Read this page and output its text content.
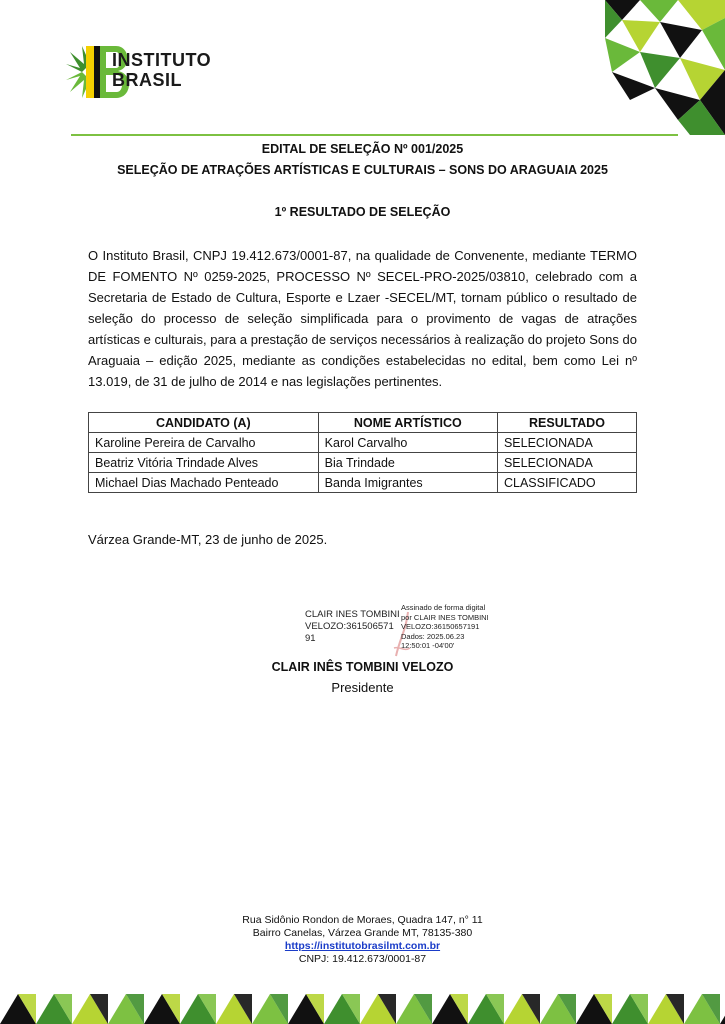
INSTITUTO
BRASIL
EDITAL DE SELEÇÃO Nº 001/2025
SELEÇÃO DE ATRAÇÕES ARTÍSTICAS E CULTURAIS – SONS DO ARAGUAIA 2025
1º RESULTADO DE SELEÇÃO

O Instituto Brasil, CNPJ 19.412.673/0001-87, na qualidade de Convenente, mediante TERMO DE FOMENTO Nº 0259-2025, PROCESSO Nº SECEL-PRO-2025/03810, celebrado com a Secretaria de Estado de Cultura, Esporte e Lzaer -SECEL/MT, tornam público o resultado de seleção do processo de seleção simplificada para o provimento de vagas de atrações artísticas e culturais, para a prestação de serviços necessários à realização do projeto Sons do Araguaia – edição 2025, mediante as condições estabelecidas no edital, bem como Lei nº 13.019, de 31 de julho de 2014 e nas legislações pertinentes.

CANDIDATO (A)	NOME ARTÍSTICO	RESULTADO
Karoline Pereira de Carvalho	Karol Carvalho	SELECIONADA
Beatriz Vitória Trindade Alves	Bia Trindade	SELECIONADA
Michael Dias Machado Penteado	Banda Imigrantes	CLASSIFICADO
Várzea Grande-MT, 23 de junho de 2025.
CLAIR INES TOMBINI
VELOZO:361506571
91
Assinado de forma digital
por CLAIR INES TOMBINI
VELOZO:36150657191
Dados: 2025.06.23
12:50:01 -04'00'
CLAIR INÊS TOMBINI VELOZO
Presidente
Rua Sidônio Rondon de Moraes, Quadra 147, n° 11
Bairro Canelas, Várzea Grande MT, 78135-380
https://institutobrasilmt.com.br
CNPJ: 19.412.673/0001-87
